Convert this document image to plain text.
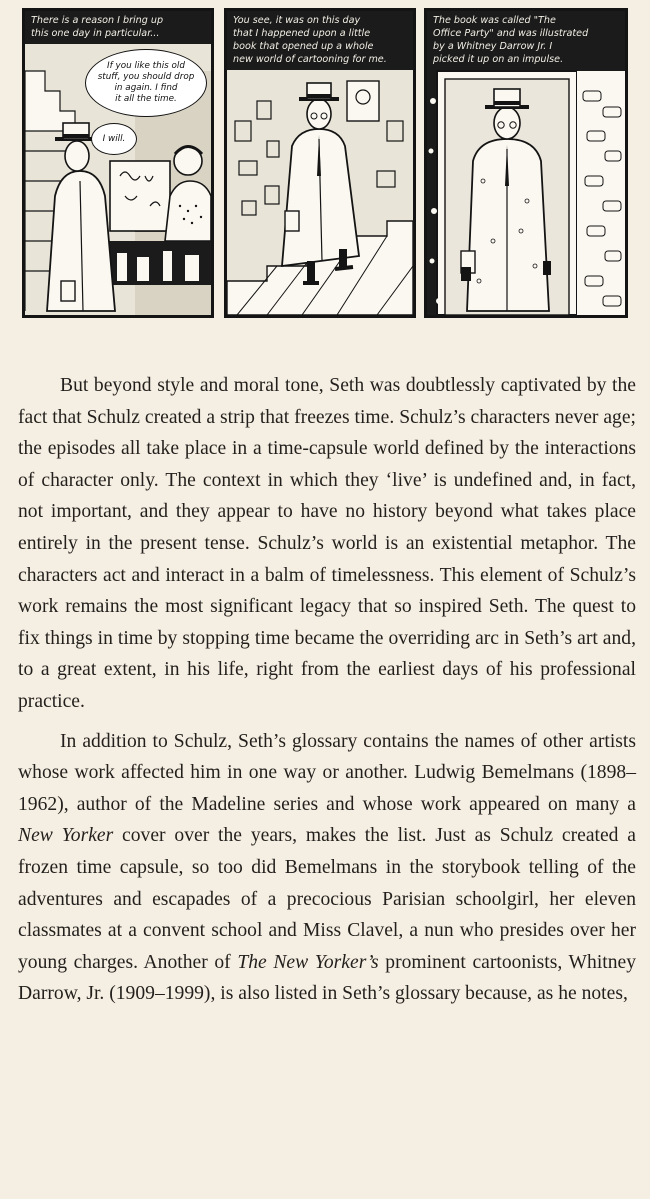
There is a reason I bring up
this one day in particular...
If you like this old
stuff, you should drop
in again. I find
it all the time.
I will.
You see, it was on this day
that I happened upon a little
book that opened up a whole
new world of cartooning for me.
The book was called "The
Office Party" and was illustrated
by a Whitney Darrow Jr. I
picked it up on an impulse.

But beyond style and moral tone, Seth was doubtlessly captivated by the fact that Schulz created a strip that freezes time. Schulz’s characters never age; the episodes all take place in a time-capsule world defined by the interactions of character only. The context in which they ‘live’ is undefined and, in fact, not important, and they appear to have no history beyond what takes place entirely in the present tense. Schulz’s world is an existential metaphor. The characters act and interact in a balm of timelessness. This element of Schulz’s work remains the most significant legacy that so inspired Seth. The quest to fix things in time by stopping time became the overriding arc in Seth’s art and, to a great extent, in his life, right from the earliest days of his professional practice.

In addition to Schulz, Seth’s glossary contains the names of other artists whose work affected him in one way or another. Ludwig Bemelmans (1898–1962), author of the Madeline series and whose work appeared on many a New Yorker cover over the years, makes the list. Just as Schulz created a frozen time capsule, so too did Bemelmans in the storybook telling of the adventures and escapades of a precocious Parisian schoolgirl, her eleven classmates at a convent school and Miss Clavel, a nun who presides over her young charges. Another of The New Yorker’s prominent cartoonists, Whitney Darrow, Jr. (1909–1999), is also listed in Seth’s glossary because, as he notes,
